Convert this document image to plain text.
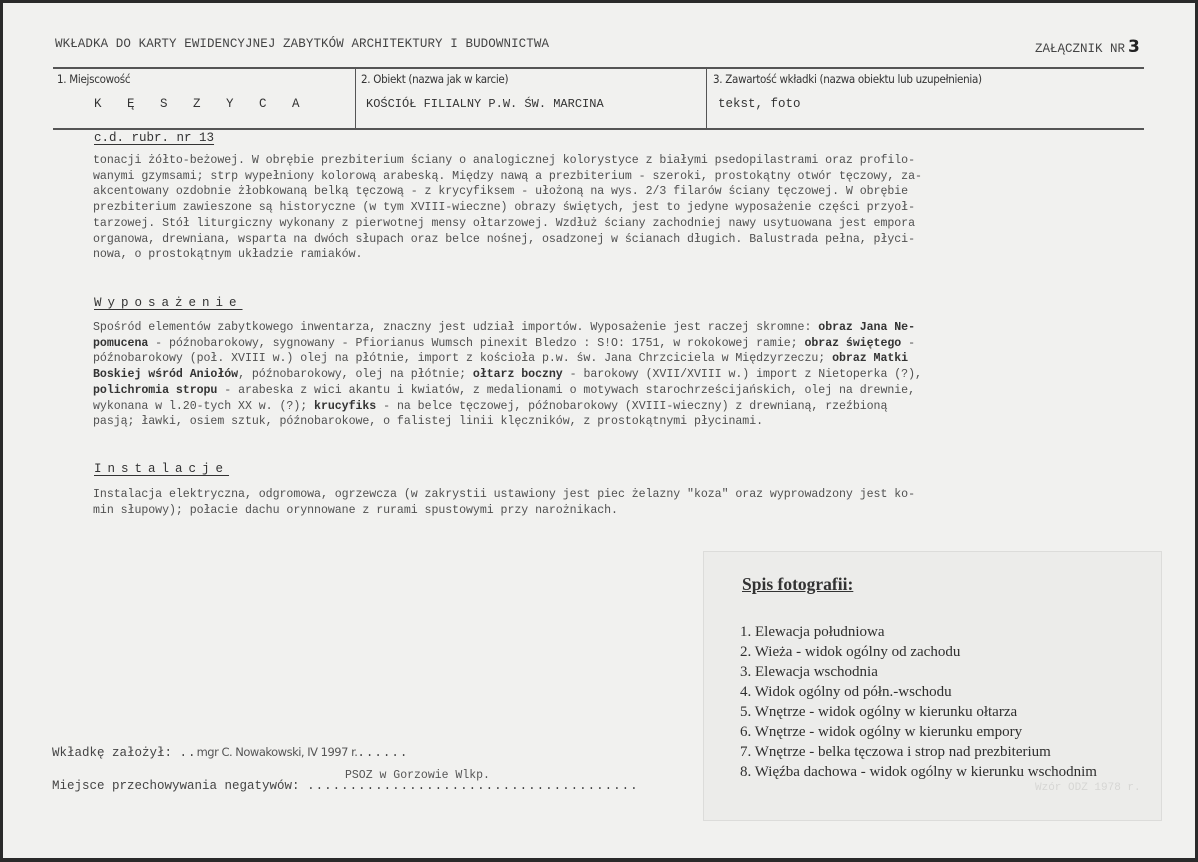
WKŁADKA DO KARTY EWIDENCYJNEJ ZABYTKÓW ARCHITEKTURY I BUDOWNICTWA	ZAŁĄCZNIK NR 3
1. Miejscowość
K Ę S Z Y C A
2. Obiekt (nazwa jak w karcie)
KOŚCIÓŁ FILIALNY P.W. ŚW. MARCINA
3. Zawartość wkładki (nazwa obiektu lub uzupełnienia)
tekst, foto
c.d. rubr. nr 13
tonacji żółto-beżowej. W obrębie prezbiterium ściany o analogicznej kolorystyce z białymi psedopilastrami oraz profilo-
wanymi gzymsami; strp wypełniony kolorową arabeską. Między nawą a prezbiterium - szeroki, prostokątny otwór tęczowy, za-
akcentowany ozdobnie żłobkowaną belką tęczową - z krycyfiksem - ułożoną na wys. 2/3 filarów ściany tęczowej. W obrębie
prezbiterium zawieszone są historyczne (w tym XVIII-wieczne) obrazy świętych, jest to jedyne wyposażenie części przyoł-
tarzowej. Stół liturgiczny wykonany z pierwotnej mensy ołtarzowej. Wzdłuż ściany zachodniej nawy usytuowana jest empora
organowa, drewniana, wsparta na dwóch słupach oraz belce nośnej, osadzonej w ścianach długich. Balustrada pełna, płyci-
nowa, o prostokątnym układzie ramiaków.
Wyposażenie
Spośród elementów zabytkowego inwentarza, znaczny jest udział importów. Wyposażenie jest raczej skromne: obraz Jana Ne-
pomucena - późnobarokowy, sygnowany - Pfiorianus Wumsch pinexit Bledzo : S!O: 1751, w rokokowej ramie; obraz świętego -
późnobarokowy (poł. XVIII w.) olej na płótnie, import z kościoła p.w. św. Jana Chrzciciela w Międzyrzeczu; obraz Matki
Boskiej wśród Aniołów, późnobarokowy, olej na płótnie; ołtarz boczny - barokowy (XVII/XVIII w.) import z Nietoperka (?),
polichromia stropu - arabeska z wici akantu i kwiatów, z medalionami o motywach starochrześcijańskich, olej na drewnie,
wykonana w l.20-tych XX w. (?); krucyfiks - na belce tęczowej, późnobarokowy (XVIII-wieczny) z drewnianą, rzeźbioną
pasją; ławki, osiem sztuk, późnobarokowe, o falistej linii klęczników, z prostokątnymi płycinami.
Instalacje
Instalacja elektryczna, odgromowa, ogrzewcza (w zakrystii ustawiony jest piec żelazny "koza" oraz wyprowadzony jest ko-
min słupowy); połacie dachu orynnowane z rurami spustowymi przy narożnikach.
Spis fotografii:
1. Elewacja południowa
2. Wieża - widok ogólny od zachodu
3. Elewacja wschodnia
4. Widok ogólny od półn.-wschodu
5. Wnętrze - widok ogólny w kierunku ołtarza
6. Wnętrze - widok ogólny w kierunku empory
7. Wnętrze - belka tęczowa i strop nad prezbiterium
8. Więźba dachowa - widok ogólny w kierunku wschodnim
Wzór ODZ 1978 r.
Wkładkę założył: ..mgr C. Nowakowski, IV 1997 r.......
Miejsce przechowywania negatywów: .......................................
PSOZ w Gorzowie Wlkp.
